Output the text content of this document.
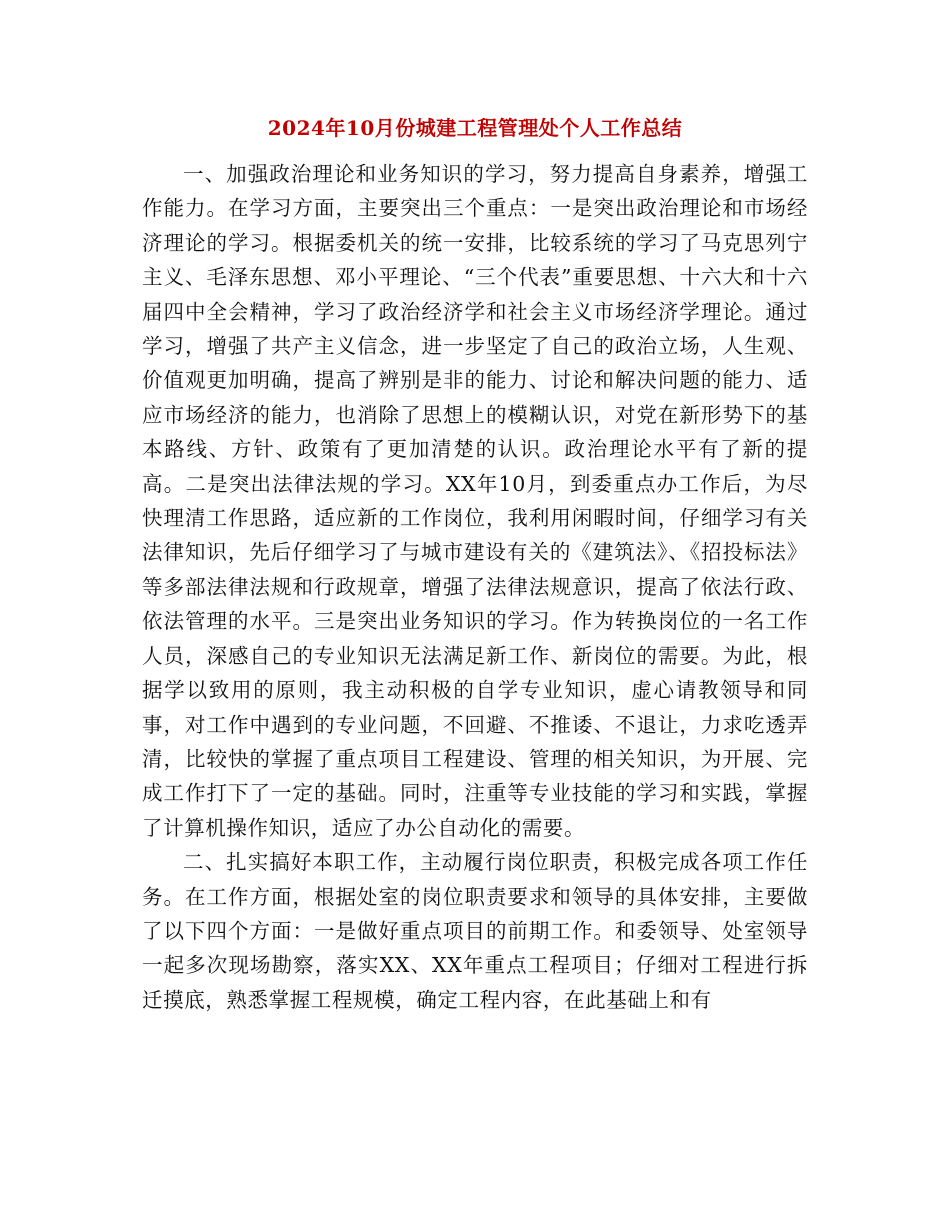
2024年10月份城建工程管理处个人工作总结

一、加强政治理论和业务知识的学习，努力提高自身素养，增强工作能力。在学习方面，主要突出三个重点：一是突出政治理论和市场经济理论的学习。根据委机关的统一安排，比较系统的学习了马克思列宁主义、毛泽东思想、邓小平理论、“三个代表”重要思想、十六大和十六届四中全会精神，学习了政治经济学和社会主义市场经济学理论。通过学习，增强了共产主义信念，进一步坚定了自己的政治立场，人生观、价值观更加明确，提高了辨别是非的能力、讨论和解决问题的能力、适应市场经济的能力，也消除了思想上的模糊认识，对党在新形势下的基本路线、方针、政策有了更加清楚的认识。政治理论水平有了新的提高。二是突出法律法规的学习。XX年10月，到委重点办工作后，为尽快理清工作思路，适应新的工作岗位，我利用闲暇时间，仔细学习有关法律知识，先后仔细学习了与城市建设有关的《建筑法》、《招投标法》等多部法律法规和行政规章，增强了法律法规意识，提高了依法行政、依法管理的水平。三是突出业务知识的学习。作为转换岗位的一名工作人员，深感自己的专业知识无法满足新工作、新岗位的需要。为此，根据学以致用的原则，我主动积极的自学专业知识，虚心请教领导和同事，对工作中遇到的专业问题，不回避、不推诿、不退让，力求吃透弄清，比较快的掌握了重点项目工程建设、管理的相关知识，为开展、完成工作打下了一定的基础。同时，注重等专业技能的学习和实践，掌握了计算机操作知识，适应了办公自动化的需要。

二、扎实搞好本职工作，主动履行岗位职责，积极完成各项工作任务。在工作方面，根据处室的岗位职责要求和领导的具体安排，主要做了以下四个方面：一是做好重点项目的前期工作。和委领导、处室领导一起多次现场勘察，落实XX、XX年重点工程项目；仔细对工程进行拆迁摸底，熟悉掌握工程规模，确定工程内容，在此基础上和有
